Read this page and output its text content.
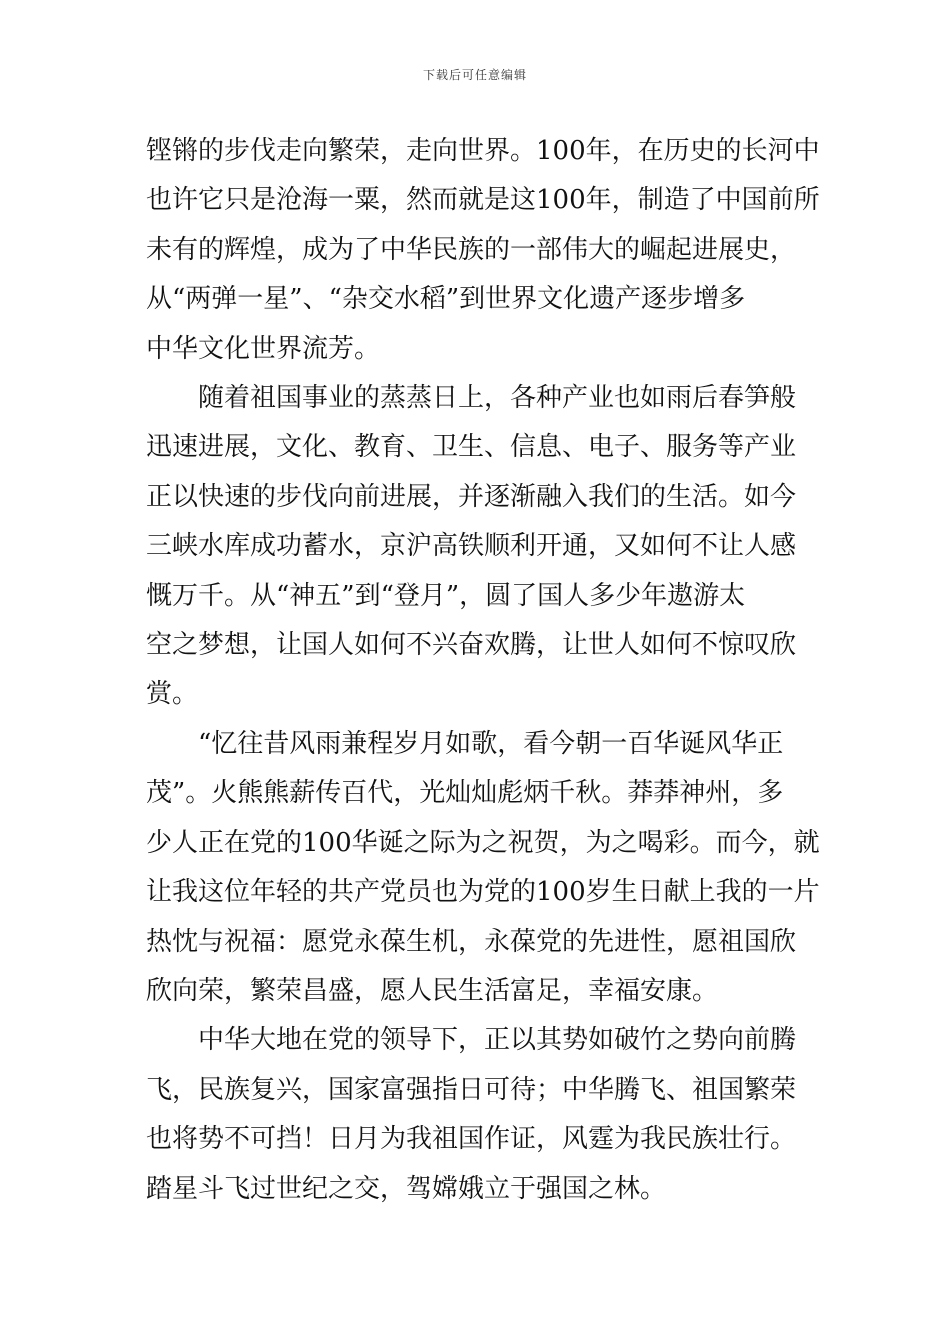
下载后可任意编辑
铿锵的步伐走向繁荣，走向世界。100年，在历史的长河中
也许它只是沧海一粟，然而就是这100年，制造了中国前所
未有的辉煌，成为了中华民族的一部伟大的崛起进展史，
从“两弹一星”、“杂交水稻”到世界文化遗产逐步增多
中华文化世界流芳。
随着祖国事业的蒸蒸日上，各种产业也如雨后春笋般
迅速进展，文化、教育、卫生、信息、电子、服务等产业
正以快速的步伐向前进展，并逐渐融入我们的生活。如今
三峡水库成功蓄水，京沪高铁顺利开通，又如何不让人感
慨万千。从“神五”到“登月”，圆了国人多少年遨游太
空之梦想，让国人如何不兴奋欢腾，让世人如何不惊叹欣
赏。
“忆往昔风雨兼程岁月如歌，看今朝一百华诞风华正
茂”。火熊熊薪传百代，光灿灿彪炳千秋。莽莽神州，多
少人正在党的100华诞之际为之祝贺，为之喝彩。而今，就
让我这位年轻的共产党员也为党的100岁生日献上我的一片
热忱与祝福：愿党永葆生机，永葆党的先进性，愿祖国欣
欣向荣，繁荣昌盛，愿人民生活富足，幸福安康。
中华大地在党的领导下，正以其势如破竹之势向前腾
飞，民族复兴，国家富强指日可待；中华腾飞、祖国繁荣
也将势不可挡！日月为我祖国作证，风霆为我民族壮行。
踏星斗飞过世纪之交，驾嫦娥立于强国之林。
